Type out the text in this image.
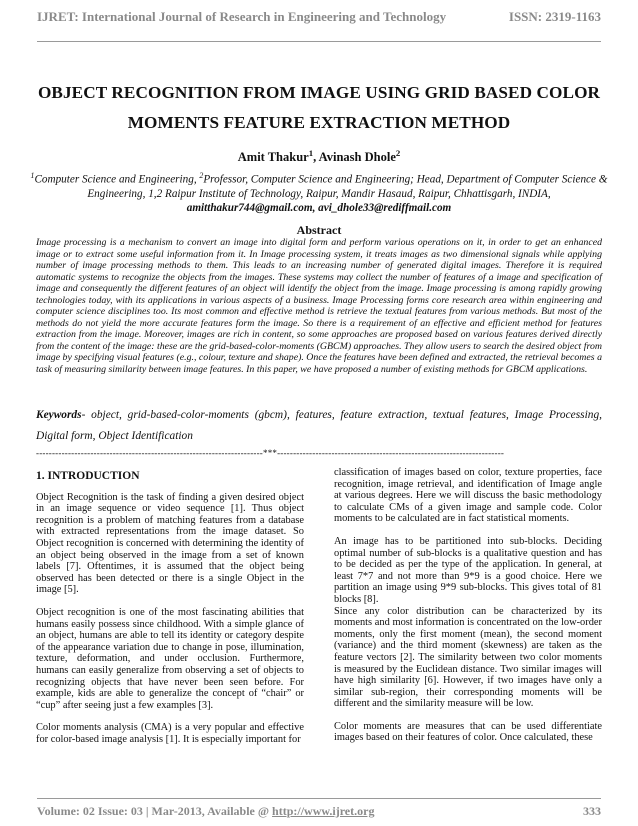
IJRET: International Journal of Research in Engineering and Technology	ISSN: 2319-1163
OBJECT RECOGNITION FROM IMAGE USING GRID BASED COLOR
MOMENTS FEATURE EXTRACTION METHOD
Amit Thakur$^1$, Avinash Dhole$^2$
$^1$Computer Science and Engineering, $^2$Professor, Computer Science and Engineering; Head, Department of Computer Science & Engineering, 1,2 Raipur Institute of Technology, Raipur, Mandir Hasaud, Raipur, Chhattisgarh, INDIA,
amitthakur744@gmail.com, avi_dhole33@rediffmail.com
Abstract
Image processing is a mechanism to convert an image into digital form and perform various operations on it, in order to get an enhanced image or to extract some useful information from it. In Image processing system, it treats images as two dimensional signals while applying number of image processing methods to them. This leads to an increasing number of generated digital images. Therefore it is required automatic systems to recognize the objects from the images. These systems may collect the number of features of a image and specification of image and consequently the different features of an object will identify the object from the image. Image processing is among rapidly growing technologies today, with its applications in various aspects of a business. Image Processing forms core research area within engineering and computer science disciplines too. Its most common and effective method is retrieve the textual features from various methods. But most of the methods do not yield the more accurate features form the image. So there is a requirement of an effective and efficient method for features extraction from the image. Moreover, images are rich in content, so some approaches are proposed based on various features derived directly from the content of the image: these are the grid-based-color-moments (GBCM) approaches. They allow users to search the desired object from image by specifying visual features (e.g., colour, texture and shape). Once the features have been defined and extracted, the retrieval becomes a task of measuring similarity between image features. In this paper, we have proposed a number of existing methods for GBCM applications.
Keywords- object, grid-based-color-moments (gbcm), features, feature extraction, textual features, Image Processing, Digital form, Object Identification
-----------------------------------------------------------------------***-----------------------------------------------------------------------
1. INTRODUCTION

Object Recognition is the task of finding a given desired object in an image sequence or video sequence [1]. Thus object recognition is a problem of matching features from a database with extracted representations from the image dataset. So Object recognition is concerned with determining the identity of an object being observed in the image from a set of known labels [7]. Oftentimes, it is assumed that the object being observed has been detected or there is a single Object in the image [5].

Object recognition is one of the most fascinating abilities that humans easily possess since childhood. With a simple glance of an object, humans are able to tell its identity or category despite of the appearance variation due to change in pose, illumination, texture, deformation, and under occlusion. Furthermore, humans can easily generalize from observing a set of objects to recognizing objects that have never been seen before. For example, kids are able to generalize the concept of “chair” or “cup” after seeing just a few examples [3].

Color moments analysis (CMA) is a very popular and effective for color-based image analysis [1]. It is especially important for

classification of images based on color, texture properties, face recognition, image retrieval, and identification of Image angle at various degrees. Here we will discuss the basic methodology to calculate CMs of a given image and sample code. Color moments to be calculated are in fact statistical moments.

An image has to be partitioned into sub-blocks. Deciding optimal number of sub-blocks is a qualitative question and has to be decided as per the type of the application. In general, at least 7*7 and not more than 9*9 is a good choice. Here we partition an image using 9*9 sub-blocks. This gives total of 81 blocks [8].

Since any color distribution can be characterized by its moments and most information is concentrated on the low-order moments, only the first moment (mean), the second moment (variance) and the third moment (skewness) are taken as the feature vectors [2]. The similarity between two color moments is measured by the Euclidean distance. Two similar images will have high similarity [6]. However, if two images have only a similar sub-region, their corresponding moments will be different and the similarity measure will be low.

Color moments are measures that can be used differentiate images based on their features of color. Once calculated, these

Volume: 02 Issue: 03 | Mar-2013, Available @ http://www.ijret.org	333
